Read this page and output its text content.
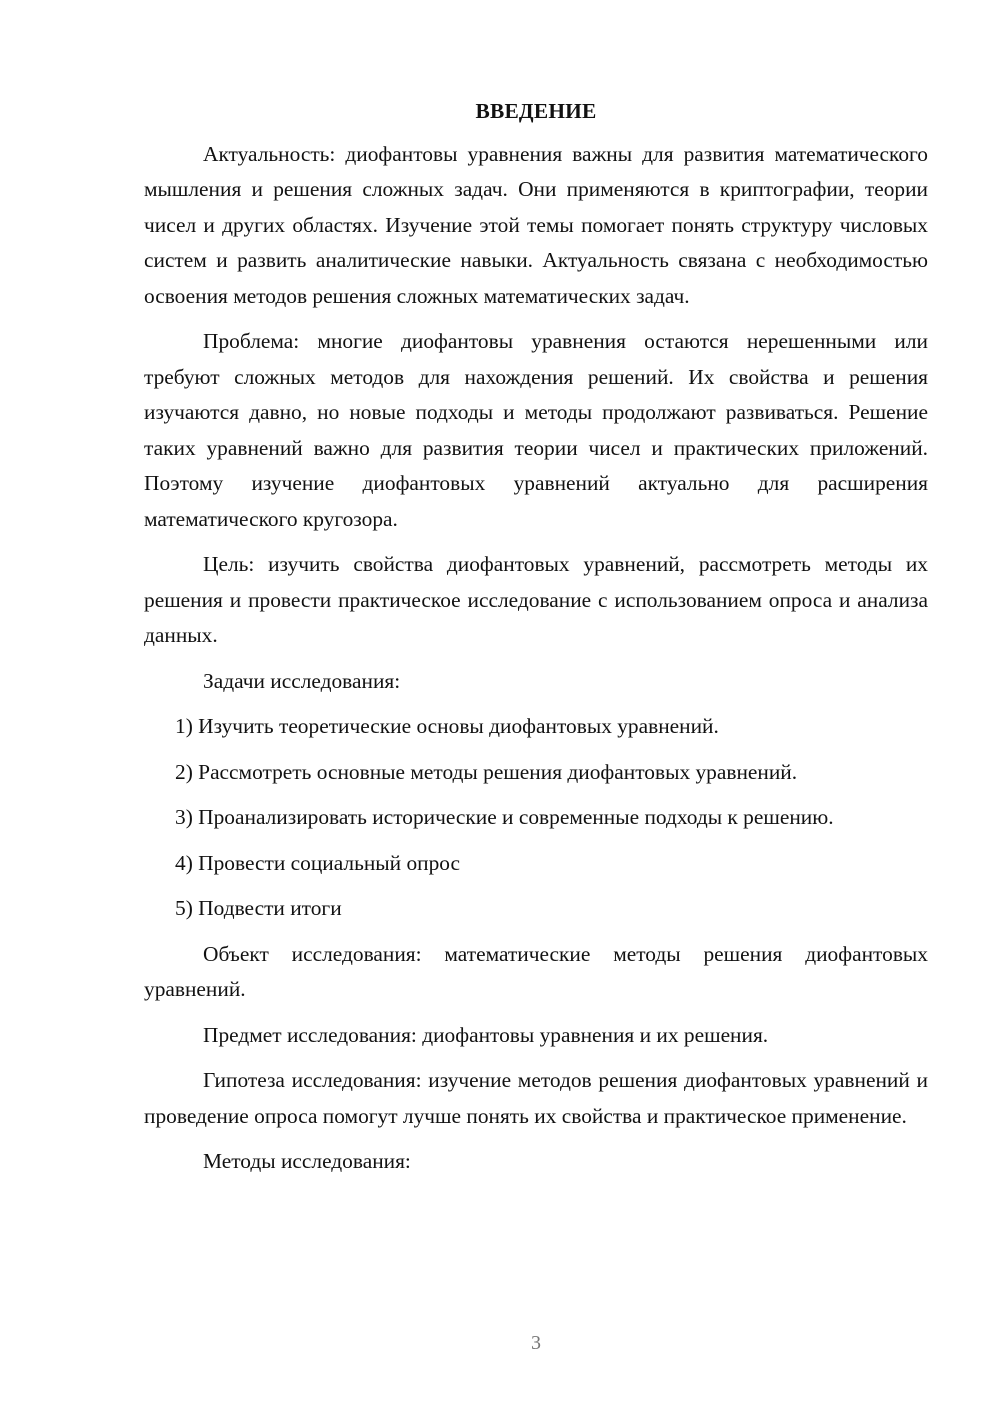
ВВЕДЕНИЕ

Актуальность: диофантовы уравнения важны для развития математического мышления и решения сложных задач. Они применяются в криптографии, теории чисел и других областях. Изучение этой темы помогает понять структуру числовых систем и развить аналитические навыки. Актуальность связана с необходимостью освоения методов решения сложных математических задач.

Проблема: многие диофантовы уравнения остаются нерешенными или требуют сложных методов для нахождения решений. Их свойства и решения изучаются давно, но новые подходы и методы продолжают развиваться. Решение таких уравнений важно для развития теории чисел и практических приложений. Поэтому изучение диофантовых уравнений актуально для расширения математического кругозора.

Цель: изучить свойства диофантовых уравнений, рассмотреть методы их решения и провести практическое исследование с использованием опроса и анализа данных.

Задачи исследования:

1) Изучить теоретические основы диофантовых уравнений.

2) Рассмотреть основные методы решения диофантовых уравнений.

3) Проанализировать исторические и современные подходы к решению.

4) Провести социальный опрос

5) Подвести итоги

Объект исследования: математические методы решения диофантовых уравнений.

Предмет исследования: диофантовы уравнения и их решения.

Гипотеза исследования: изучение методов решения диофантовых уравнений и проведение опроса помогут лучше понять их свойства и практическое применение.

Методы исследования:

3
